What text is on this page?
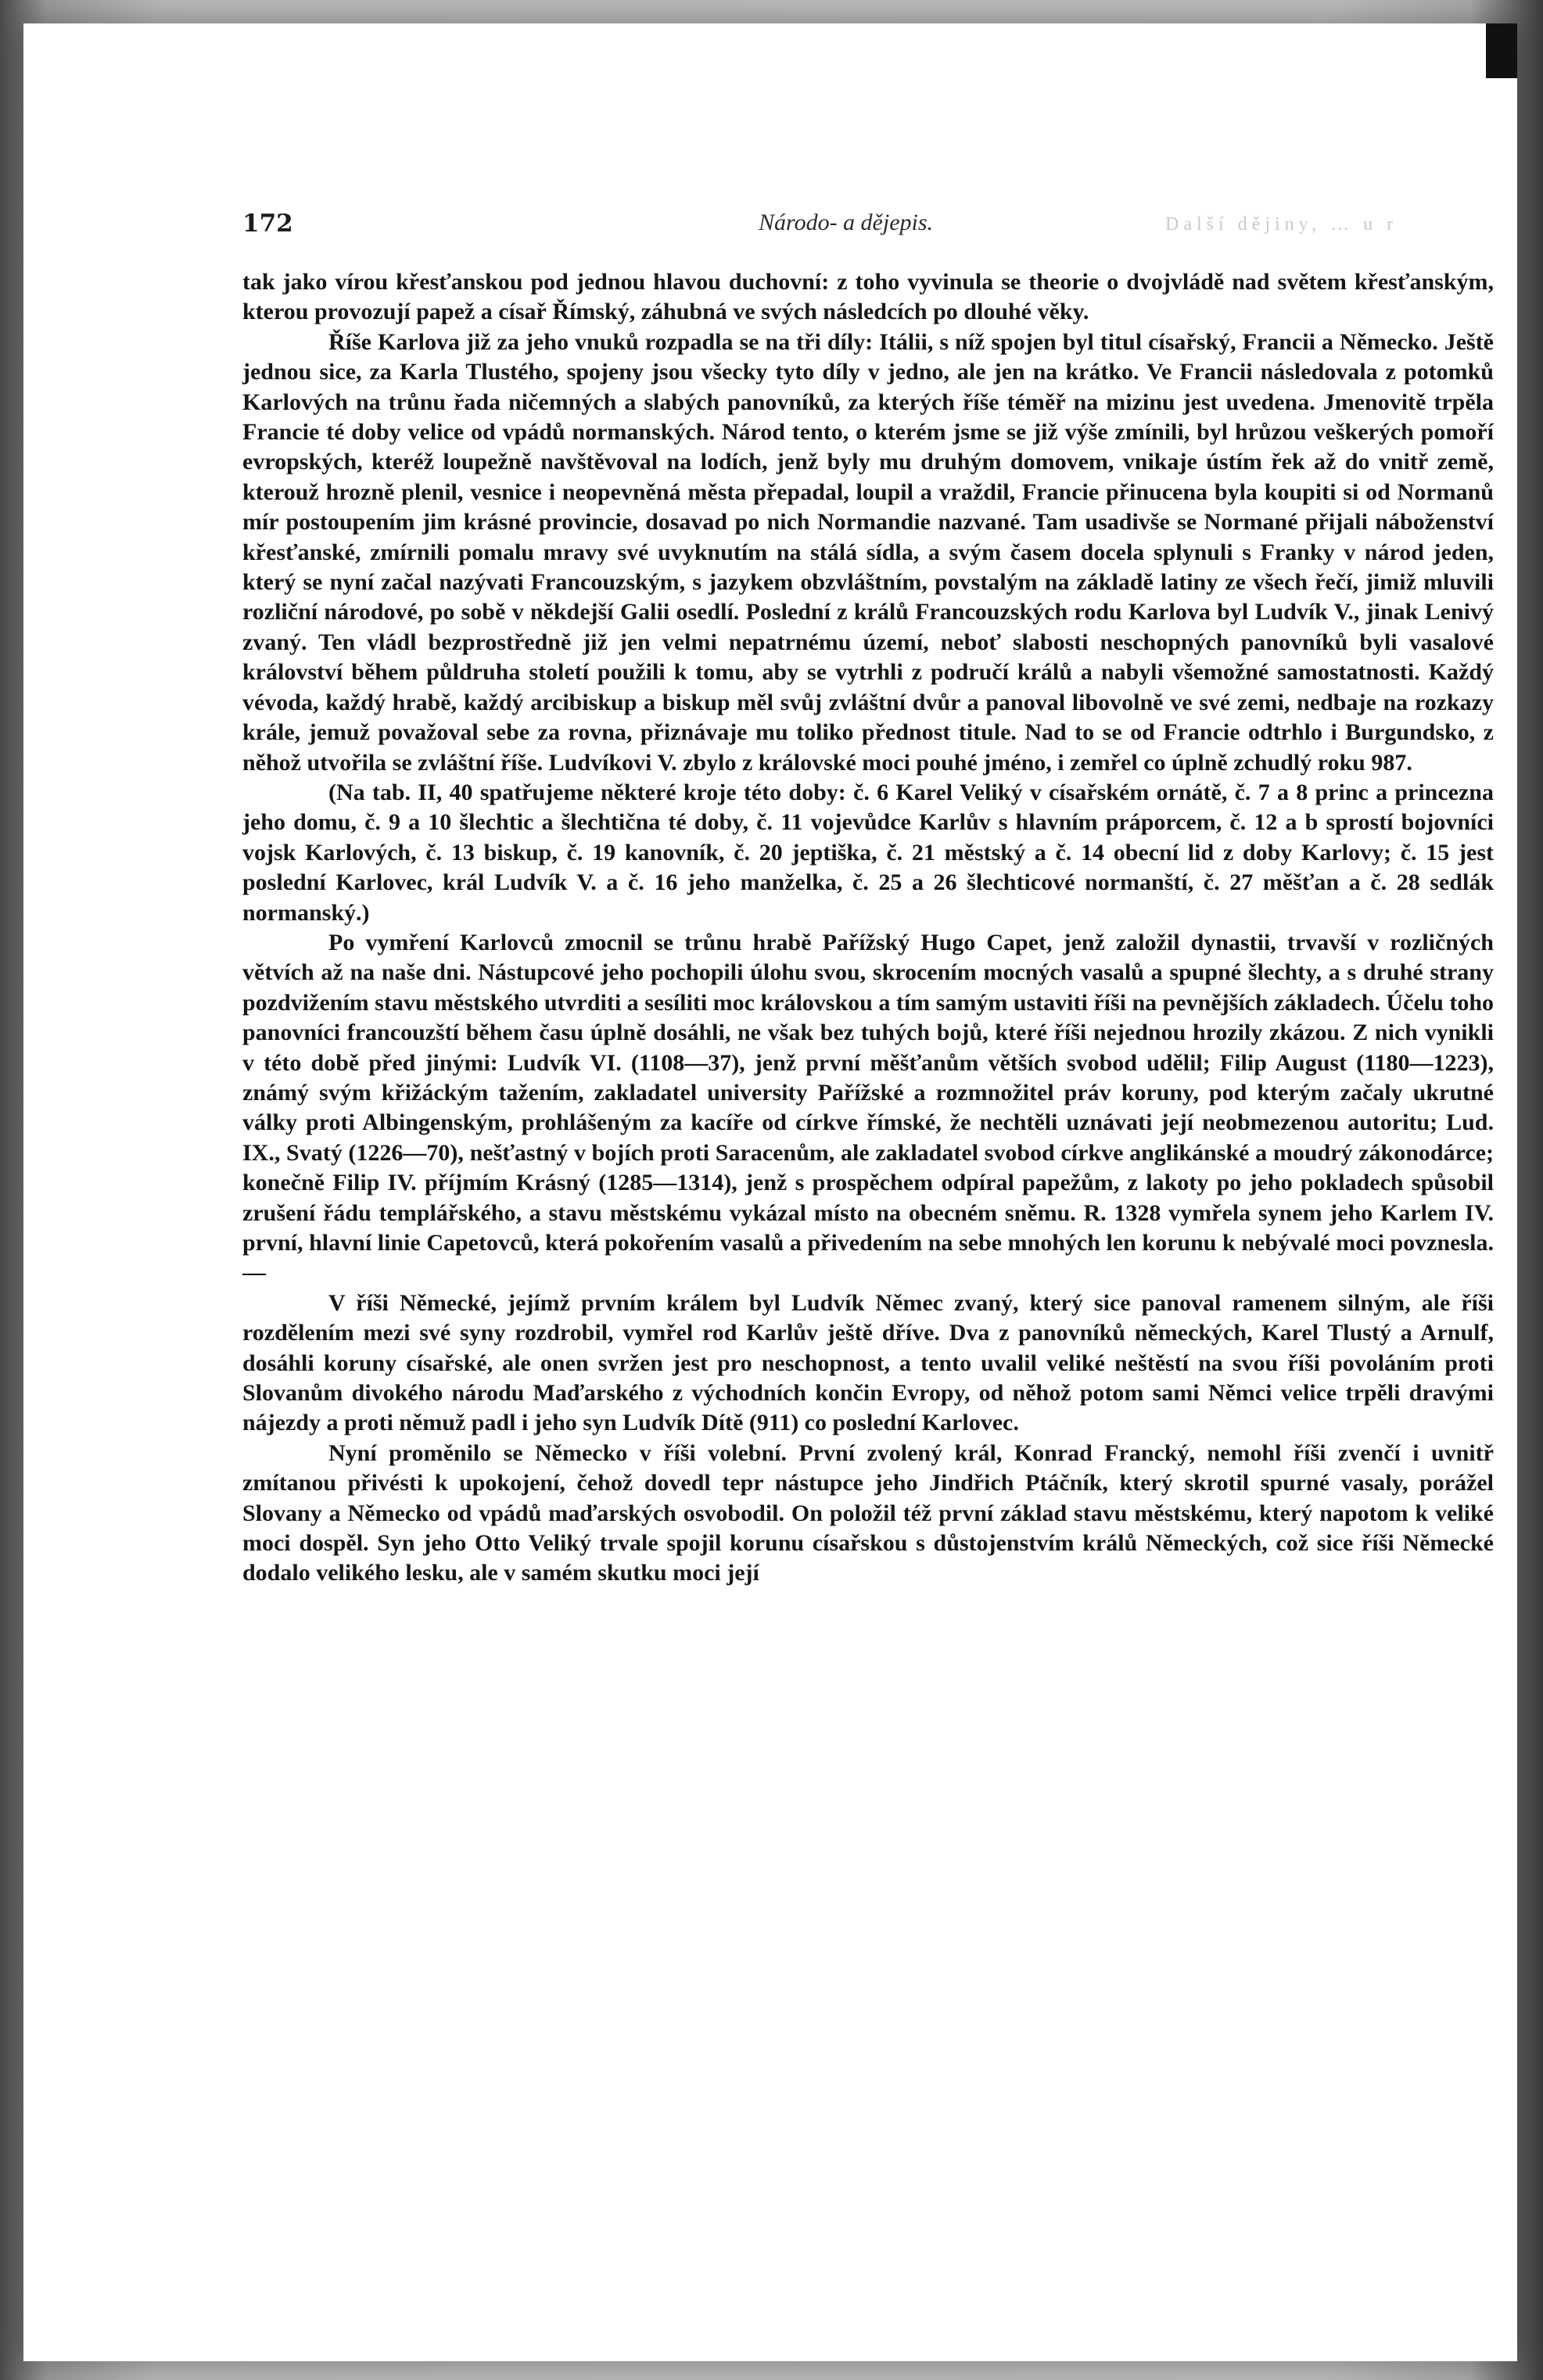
172	Národo- a dějepis.	Další dějiny, … u r

tak jako vírou křesťanskou pod jednou hlavou duchovní: z toho vyvinula se theorie o dvojvládě nad světem křesťanským, kterou provozují papež a císař Římský, záhubná ve svých následcích po dlouhé věky.

Říše Karlova již za jeho vnuků rozpadla se na tři díly: Itálii, s níž spojen byl titul císařský, Francii a Německo. Ještě jednou sice, za Karla Tlustého, spojeny jsou všecky tyto díly v jedno, ale jen na krátko. Ve Francii následovala z potomků Karlových na trůnu řada ničemných a slabých panovníků, za kterých říše téměř na mizinu jest uvedena. Jmenovitě trpěla Francie té doby velice od vpádů normanských. Národ tento, o kterém jsme se již výše zmínili, byl hrůzou veškerých pomoří evropských, kteréž loupežně navštěvoval na lodích, jenž byly mu druhým domovem, vnikaje ústím řek až do vnitř země, kterouž hrozně plenil, vesnice i neopevněná města přepadal, loupil a vraždil, Francie přinucena byla koupiti si od Normanů mír postoupením jim krásné provincie, dosavad po nich Normandie nazvané. Tam usadivše se Normané přijali náboženství křesťanské, zmírnili pomalu mravy své uvyknutím na stálá sídla, a svým časem docela splynuli s Franky v národ jeden, který se nyní začal nazývati Francouzským, s jazykem obzvláštním, povstalým na základě latiny ze všech řečí, jimiž mluvili rozliční národové, po sobě v někdejší Galii osedlí. Poslední z králů Francouzských rodu Karlova byl Ludvík V., jinak Lenivý zvaný. Ten vládl bezprostředně již jen velmi nepatrnému území, neboť slabosti neschopných panovníků byli vasalové království během půldruha století použili k tomu, aby se vytrhli z područí králů a nabyli všemožné samostatnosti. Každý vévoda, každý hrabě, každý arcibiskup a biskup měl svůj zvláštní dvůr a panoval libovolně ve své zemi, nedbaje na rozkazy krále, jemuž považoval sebe za rovna, přiznávaje mu toliko přednost titule. Nad to se od Francie odtrhlo i Burgundsko, z něhož utvořila se zvláštní říše. Ludvíkovi V. zbylo z královské moci pouhé jméno, i zemřel co úplně zchudlý roku 987.

(Na tab. II, 40 spatřujeme některé kroje této doby: č. 6 Karel Veliký v císařském ornátě, č. 7 a 8 princ a princezna jeho domu, č. 9 a 10 šlechtic a šlechtična té doby, č. 11 vojevůdce Karlův s hlavním práporcem, č. 12 a b sprostí bojovníci vojsk Karlových, č. 13 biskup, č. 19 kanovník, č. 20 jeptiška, č. 21 městský a č. 14 obecní lid z doby Karlovy; č. 15 jest poslední Karlovec, král Ludvík V. a č. 16 jeho manželka, č. 25 a 26 šlechticové normanští, č. 27 měšťan a č. 28 sedlák normanský.)

Po vymření Karlovců zmocnil se trůnu hrabě Pařížský Hugo Capet, jenž založil dynastii, trvavší v rozličných větvích až na naše dni. Nástupcové jeho pochopili úlohu svou, skrocením mocných vasalů a spupné šlechty, a s druhé strany pozdvižením stavu městského utvrditi a sesíliti moc královskou a tím samým ustaviti říši na pevnějších základech. Účelu toho panovníci francouzští během času úplně dosáhli, ne však bez tuhých bojů, které říši nejednou hrozily zkázou. Z nich vynikli v této době před jinými: Ludvík VI. (1108—37), jenž první měšťanům větších svobod udělil; Filip August (1180—1223), známý svým křižáckým tažením, zakladatel university Pařížské a rozmnožitel práv koruny, pod kterým začaly ukrutné války proti Albingenským, prohlášeným za kacíře od církve římské, že nechtěli uznávati její neobmezenou autoritu; Lud. IX., Svatý (1226—70), nešťastný v bojích proti Saracenům, ale zakladatel svobod církve anglikánské a moudrý zákonodárce; konečně Filip IV. příjmím Krásný (1285—1314), jenž s prospěchem odpíral papežům, z lakoty po jeho pokladech spůsobil zrušení řádu templářského, a stavu městskému vykázal místo na obecném sněmu. R. 1328 vymřela synem jeho Karlem IV. první, hlavní linie Capetovců, která pokořením vasalů a přivedením na sebe mnohých len korunu k nebývalé moci povznesla. —

V říši Německé, jejímž prvním králem byl Ludvík Němec zvaný, který sice panoval ramenem silným, ale říši rozdělením mezi své syny rozdrobil, vymřel rod Karlův ještě dříve. Dva z panovníků německých, Karel Tlustý a Arnulf, dosáhli koruny císařské, ale onen svržen jest pro neschopnost, a tento uvalil veliké neštěstí na svou říši povoláním proti Slovanům divokého národu Maďarského z východních končin Evropy, od něhož potom sami Němci velice trpěli dravými nájezdy a proti němuž padl i jeho syn Ludvík Dítě (911) co poslední Karlovec.

Nyní proměnilo se Německo v říši volební. První zvolený král, Konrad Francký, nemohl říši zvenčí i uvnitř zmítanou přivésti k upokojení, čehož dovedl tepr nástupce jeho Jindřich Ptáčník, který skrotil spurné vasaly, porážel Slovany a Německo od vpádů maďarských osvobodil. On položil též první základ stavu městskému, který napotom k veliké moci dospěl. Syn jeho Otto Veliký trvale spojil korunu císařskou s důstojenstvím králů Německých, což sice říši Německé dodalo velikého lesku, ale v samém skutku moci její
